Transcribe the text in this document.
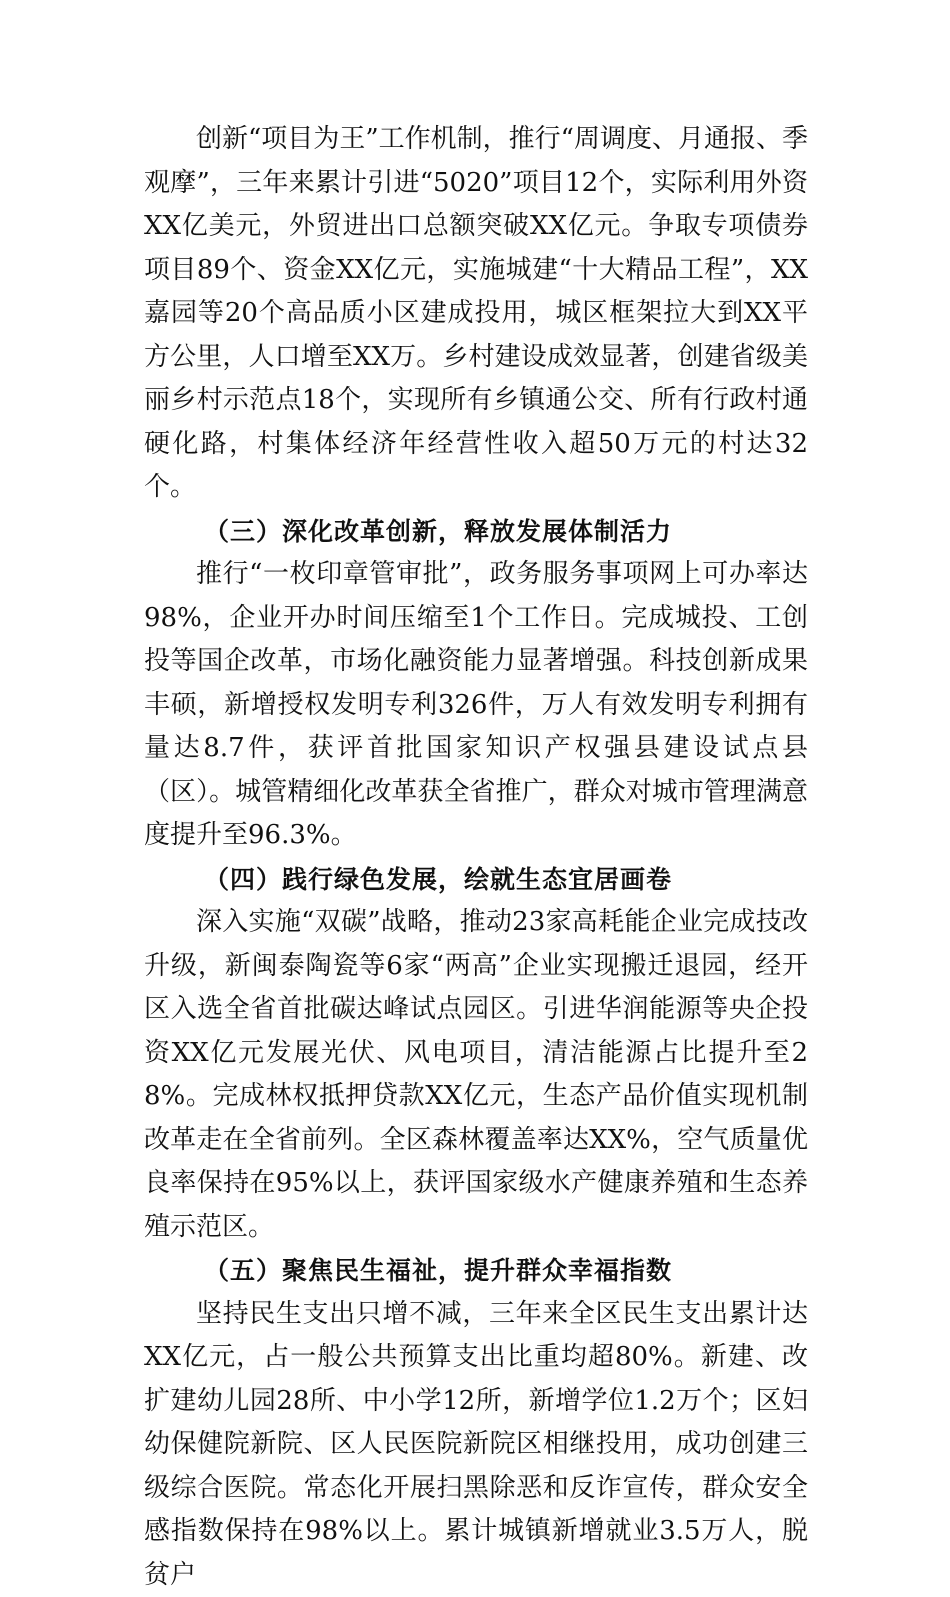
创新“项目为王”工作机制，推行“周调度、月通报、季观摩”，三年来累计引进“5020”项目12个，实际利用外资XX亿美元，外贸进出口总额突破XX亿元。争取专项债券项目89个、资金XX亿元，实施城建“十大精品工程”，XX嘉园等20个高品质小区建成投用，城区框架拉大到XX平方公里，人口增至XX万。乡村建设成效显著，创建省级美丽乡村示范点18个，实现所有乡镇通公交、所有行政村通硬化路，村集体经济年经营性收入超50万元的村达32个。

（三）深化改革创新，释放发展体制活力

推行“一枚印章管审批”，政务服务事项网上可办率达98%，企业开办时间压缩至1个工作日。完成城投、工创投等国企改革，市场化融资能力显著增强。科技创新成果丰硕，新增授权发明专利326件，万人有效发明专利拥有量达8.7件，获评首批国家知识产权强县建设试点县（区）。城管精细化改革获全省推广，群众对城市管理满意度提升至96.3%。

（四）践行绿色发展，绘就生态宜居画卷

深入实施“双碳”战略，推动23家高耗能企业完成技改升级，新闽泰陶瓷等6家“两高”企业实现搬迁退园，经开区入选全省首批碳达峰试点园区。引进华润能源等央企投资XX亿元发展光伏、风电项目，清洁能源占比提升至28%。完成林权抵押贷款XX亿元，生态产品价值实现机制改革走在全省前列。全区森林覆盖率达XX%，空气质量优良率保持在95%以上，获评国家级水产健康养殖和生态养殖示范区。

（五）聚焦民生福祉，提升群众幸福指数

坚持民生支出只增不减，三年来全区民生支出累计达XX亿元，占一般公共预算支出比重均超80%。新建、改扩建幼儿园28所、中小学12所，新增学位1.2万个；区妇幼保健院新院、区人民医院新院区相继投用，成功创建三级综合医院。常态化开展扫黑除恶和反诈宣传，群众安全感指数保持在98%以上。累计城镇新增就业3.5万人，脱贫户
